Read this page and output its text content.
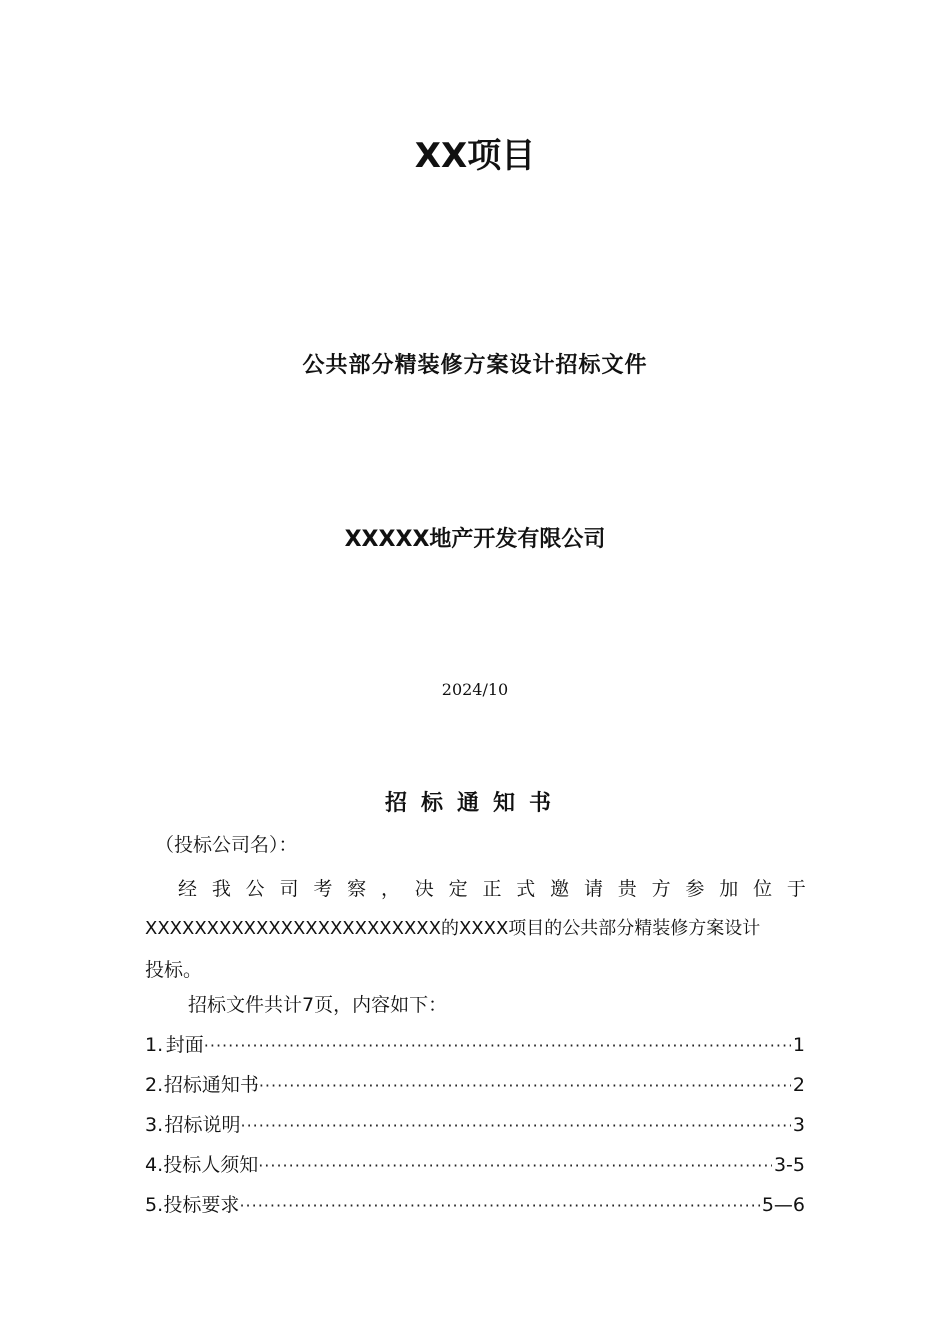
XX项目
公共部分精装修方案设计招标文件
XXXXX地产开发有限公司
2024/10
招标通知书
（投标公司名）：
经 我 公 司 考 察 ， 决 定 正 式 邀 请 贵 方 参 加 位 于
XXXXXXXXXXXXXXXXXXXXXXXX的XXXX项目的公共部分精装修方案设计
投标。
招标文件共计7页，内容如下：
1. 封面 ·····	1
2. 招标通知书 ·····	2
3. 招标说明 ·····	3
4. 投标人须知 ·····	3-5
5. 投标要求 ·····	5—6
